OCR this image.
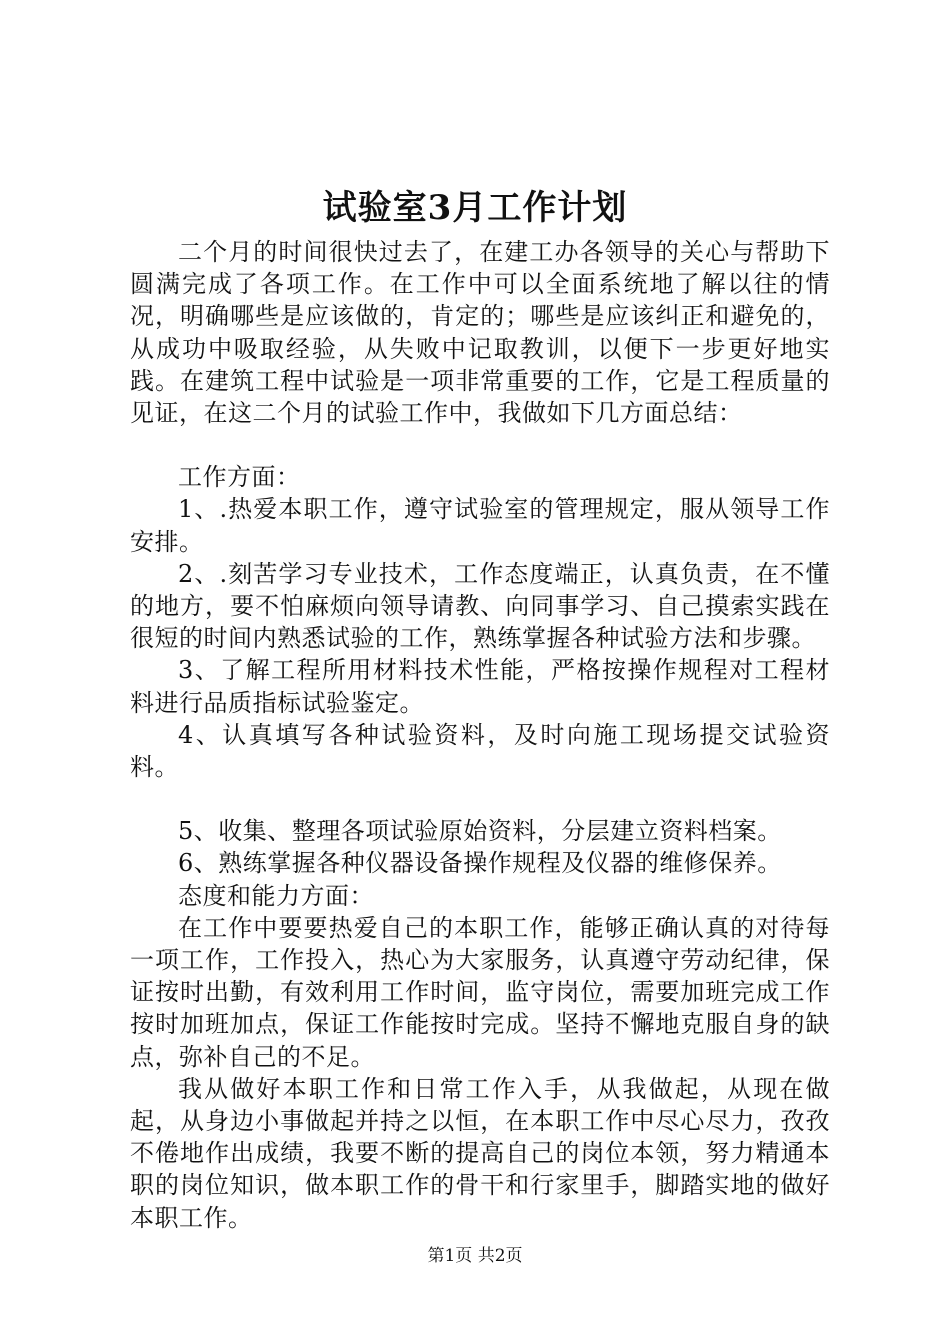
试验室3月工作计划

二个月的时间很快过去了，在建工办各领导的关心与帮助下圆满完成了各项工作。在工作中可以全面系统地了解以往的情况，明确哪些是应该做的，肯定的；哪些是应该纠正和避免的，从成功中吸取经验，从失败中记取教训，以便下一步更好地实践。在建筑工程中试验是一项非常重要的工作，它是工程质量的见证，在这二个月的试验工作中，我做如下几方面总结：

工作方面：

1、.热爱本职工作，遵守试验室的管理规定，服从领导工作安排。

2、.刻苦学习专业技术，工作态度端正，认真负责，在不懂的地方，要不怕麻烦向领导请教、向同事学习、自己摸索实践在很短的时间内熟悉试验的工作，熟练掌握各种试验方法和步骤。

3、了解工程所用材料技术性能，严格按操作规程对工程材料进行品质指标试验鉴定。

4、认真填写各种试验资料，及时向施工现场提交试验资料。

5、收集、整理各项试验原始资料，分层建立资料档案。

6、熟练掌握各种仪器设备操作规程及仪器的维修保养。

态度和能力方面：

在工作中要要热爱自己的本职工作，能够正确认真的对待每一项工作，工作投入，热心为大家服务，认真遵守劳动纪律，保证按时出勤，有效利用工作时间，监守岗位，需要加班完成工作按时加班加点，保证工作能按时完成。坚持不懈地克服自身的缺点，弥补自己的不足。

我从做好本职工作和日常工作入手，从我做起，从现在做起，从身边小事做起并持之以恒，在本职工作中尽心尽力，孜孜不倦地作出成绩，我要不断的提高自己的岗位本领，努力精通本职的岗位知识，做本职工作的骨干和行家里手，脚踏实地的做好本职工作。

第1页 共2页
